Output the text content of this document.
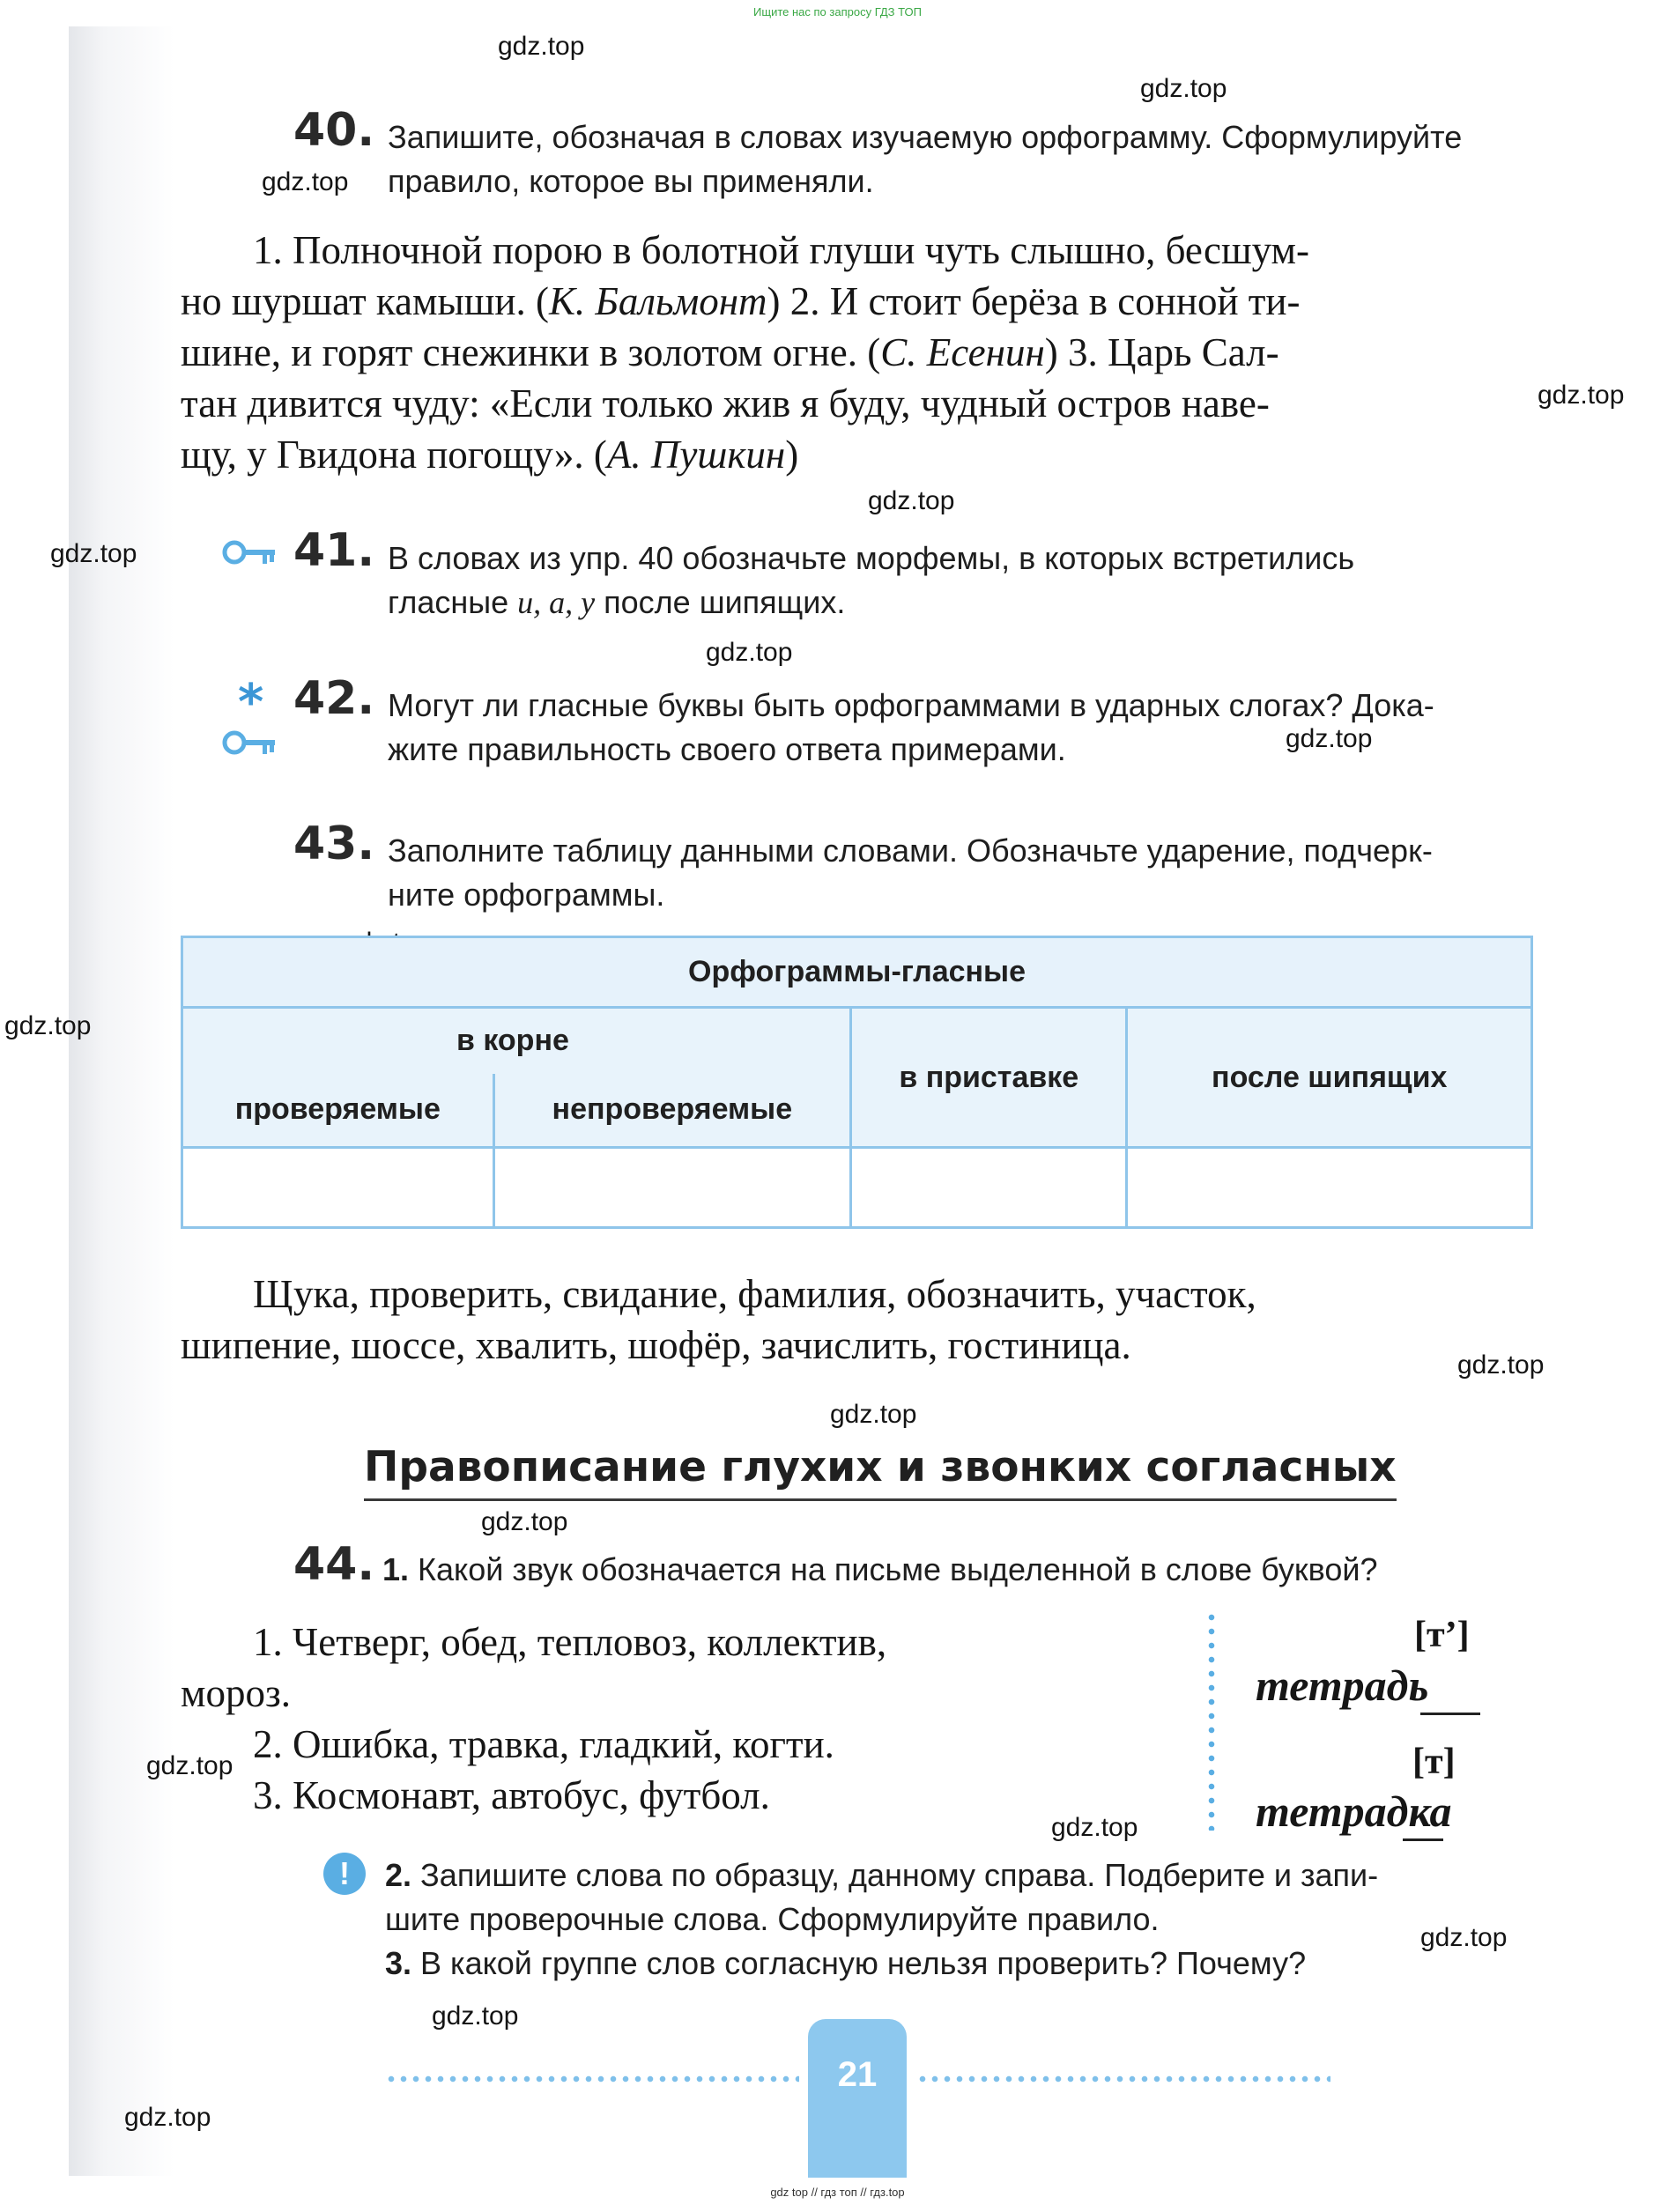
Ищите нас по запросу ГДЗ ТОП
gdz.top
gdz.top
gdz.top
gdz.top
gdz.top
gdz.top
gdz.top
gdz.top
gdz.top
gdz.top
gdz.top
gdz.top
gdz.top
gdz.top
gdz.top
gdz.top
gdz.top
gdz.top
gdz.top
40. Запишите, обозначая в словах изучаемую орфограмму. Сформулируйте
правило, которое вы применяли.
1. Полночной порою в болотной глуши чуть слышно, бесшум-
но шуршат камыши. (К. Бальмонт) 2. И стоит берёза в сонной ти-
шине, и горят снежинки в золотом огне. (С. Есенин) 3. Царь Сал-
тан дивится чуду: «Если только жив я буду, чудный остров наве-
щу, у Гвидона погощу». (А. Пушкин)
41. В словах из упр. 40 обозначьте морфемы, в которых встретились
гласные и, а, у после шипящих.
* 42. Могут ли гласные буквы быть орфограммами в ударных слогах? Дока-
жите правильность своего ответа примерами.
43. Заполните таблицу данными словами. Обозначьте ударение, подчерк-
ните орфограммы.
Орфограммы-гласные			
в корне		в приставке	после шипящих
проверяемые	непроверяемые		

Щука, проверить, свидание, фамилия, обозначить, участок,
шипение, шоссе, хвалить, шофёр, зачислить, гостиница.
Правописание глухих и звонких согласных
44. 1. Какой звук обозначается на письме выделенной в слове буквой?
1. Четверг, обед, тепловоз, коллектив,
мороз.
2. Ошибка, травка, гладкий, когти.
3. Космонавт, автобус, футбол.
[т’]
тетрадь
[т]
тетрадка
!	2. Запишите слова по образцу, данному справа. Подберите и запи-
шите проверочные слова. Сформулируйте правило.
3. В какой группе слов согласную нельзя проверить? Почему?
21
gdz top // гдз топ // гдз.top
